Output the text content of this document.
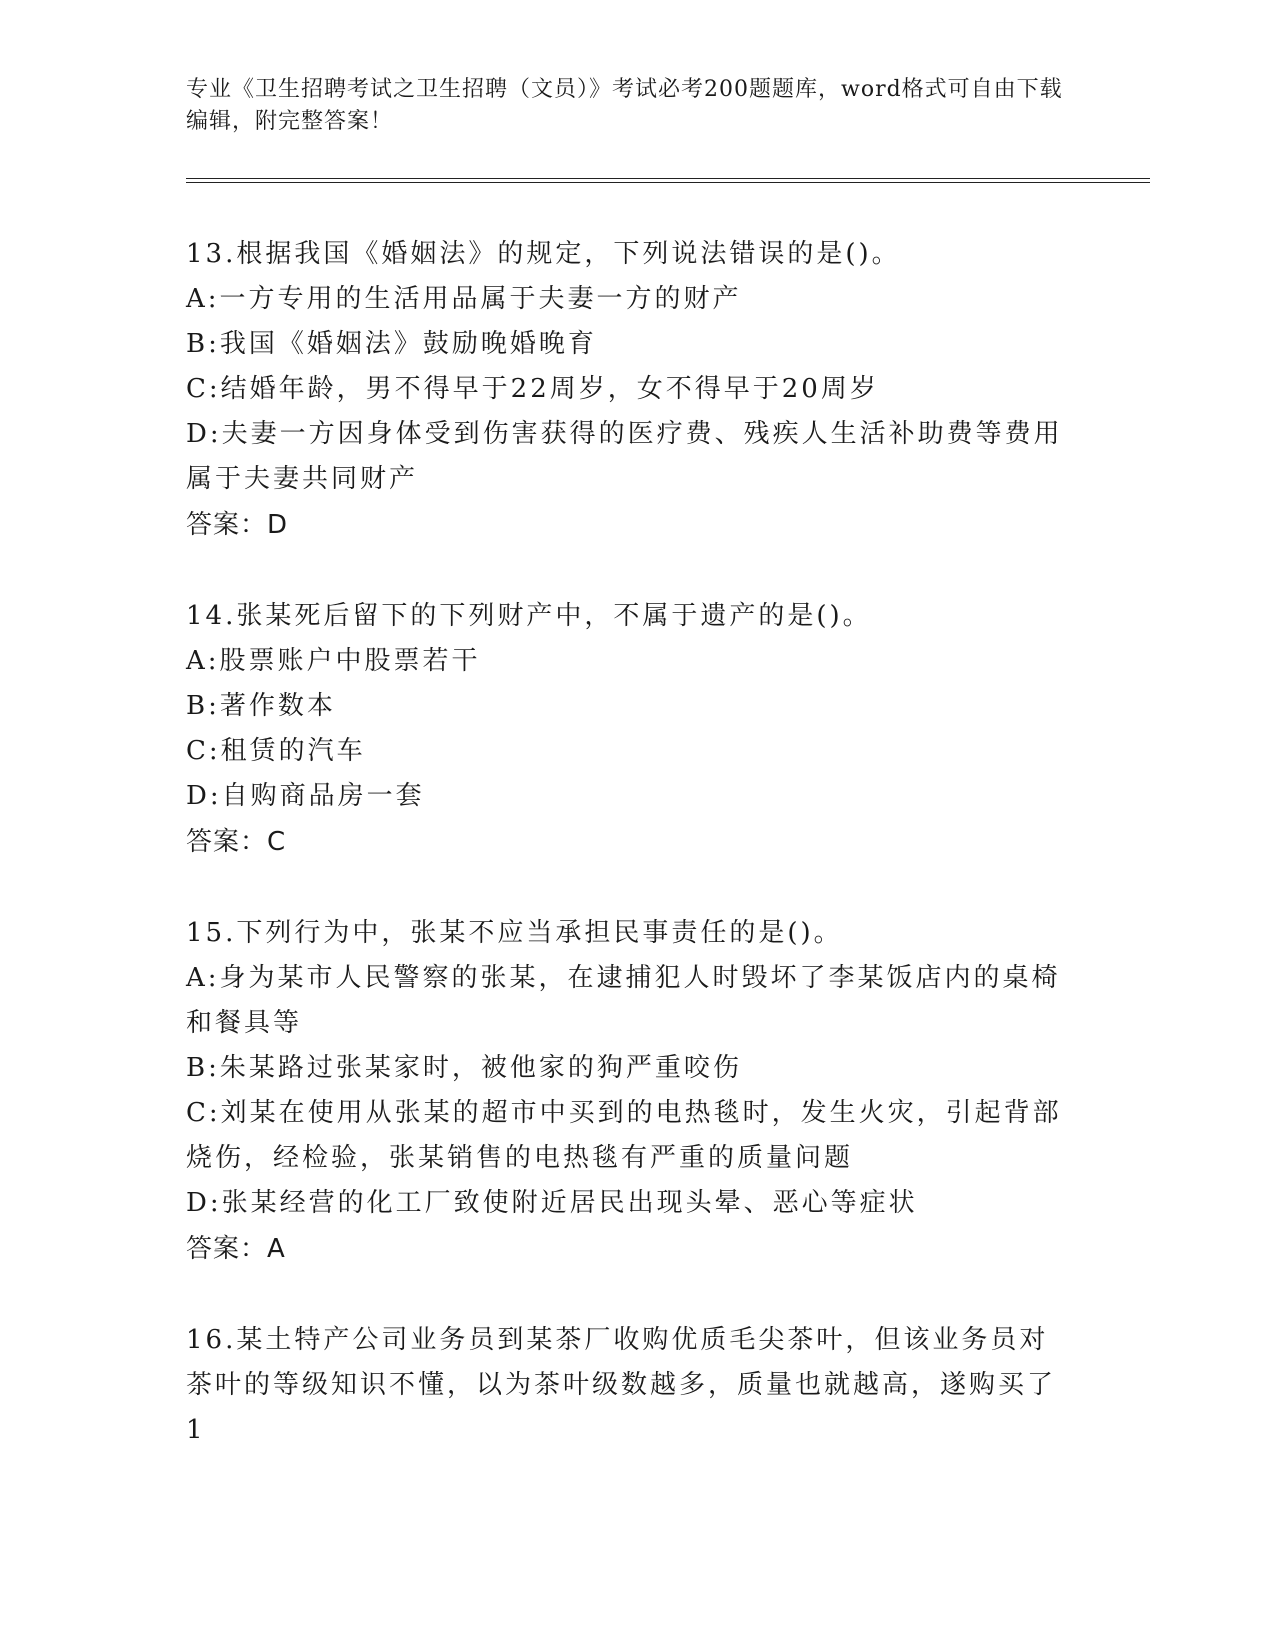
专业《卫生招聘考试之卫生招聘（文员）》考试必考200题题库，word格式可自由下载编辑，附完整答案！
13.根据我国《婚姻法》的规定，下列说法错误的是()。
A:一方专用的生活用品属于夫妻一方的财产
B:我国《婚姻法》鼓励晚婚晚育
C:结婚年龄，男不得早于22周岁，女不得早于20周岁
D:夫妻一方因身体受到伤害获得的医疗费、残疾人生活补助费等费用属于夫妻共同财产
答案：D
14.张某死后留下的下列财产中，不属于遗产的是()。
A:股票账户中股票若干
B:著作数本
C:租赁的汽车
D:自购商品房一套
答案：C
15.下列行为中，张某不应当承担民事责任的是()。
A:身为某市人民警察的张某，在逮捕犯人时毁坏了李某饭店内的桌椅和餐具等
B:朱某路过张某家时，被他家的狗严重咬伤
C:刘某在使用从张某的超市中买到的电热毯时，发生火灾，引起背部烧伤，经检验，张某销售的电热毯有严重的质量问题
D:张某经营的化工厂致使附近居民出现头晕、恶心等症状
答案：A
16.某土特产公司业务员到某茶厂收购优质毛尖茶叶，但该业务员对茶叶的等级知识不懂，以为茶叶级数越多，质量也就越高，遂购买了1
